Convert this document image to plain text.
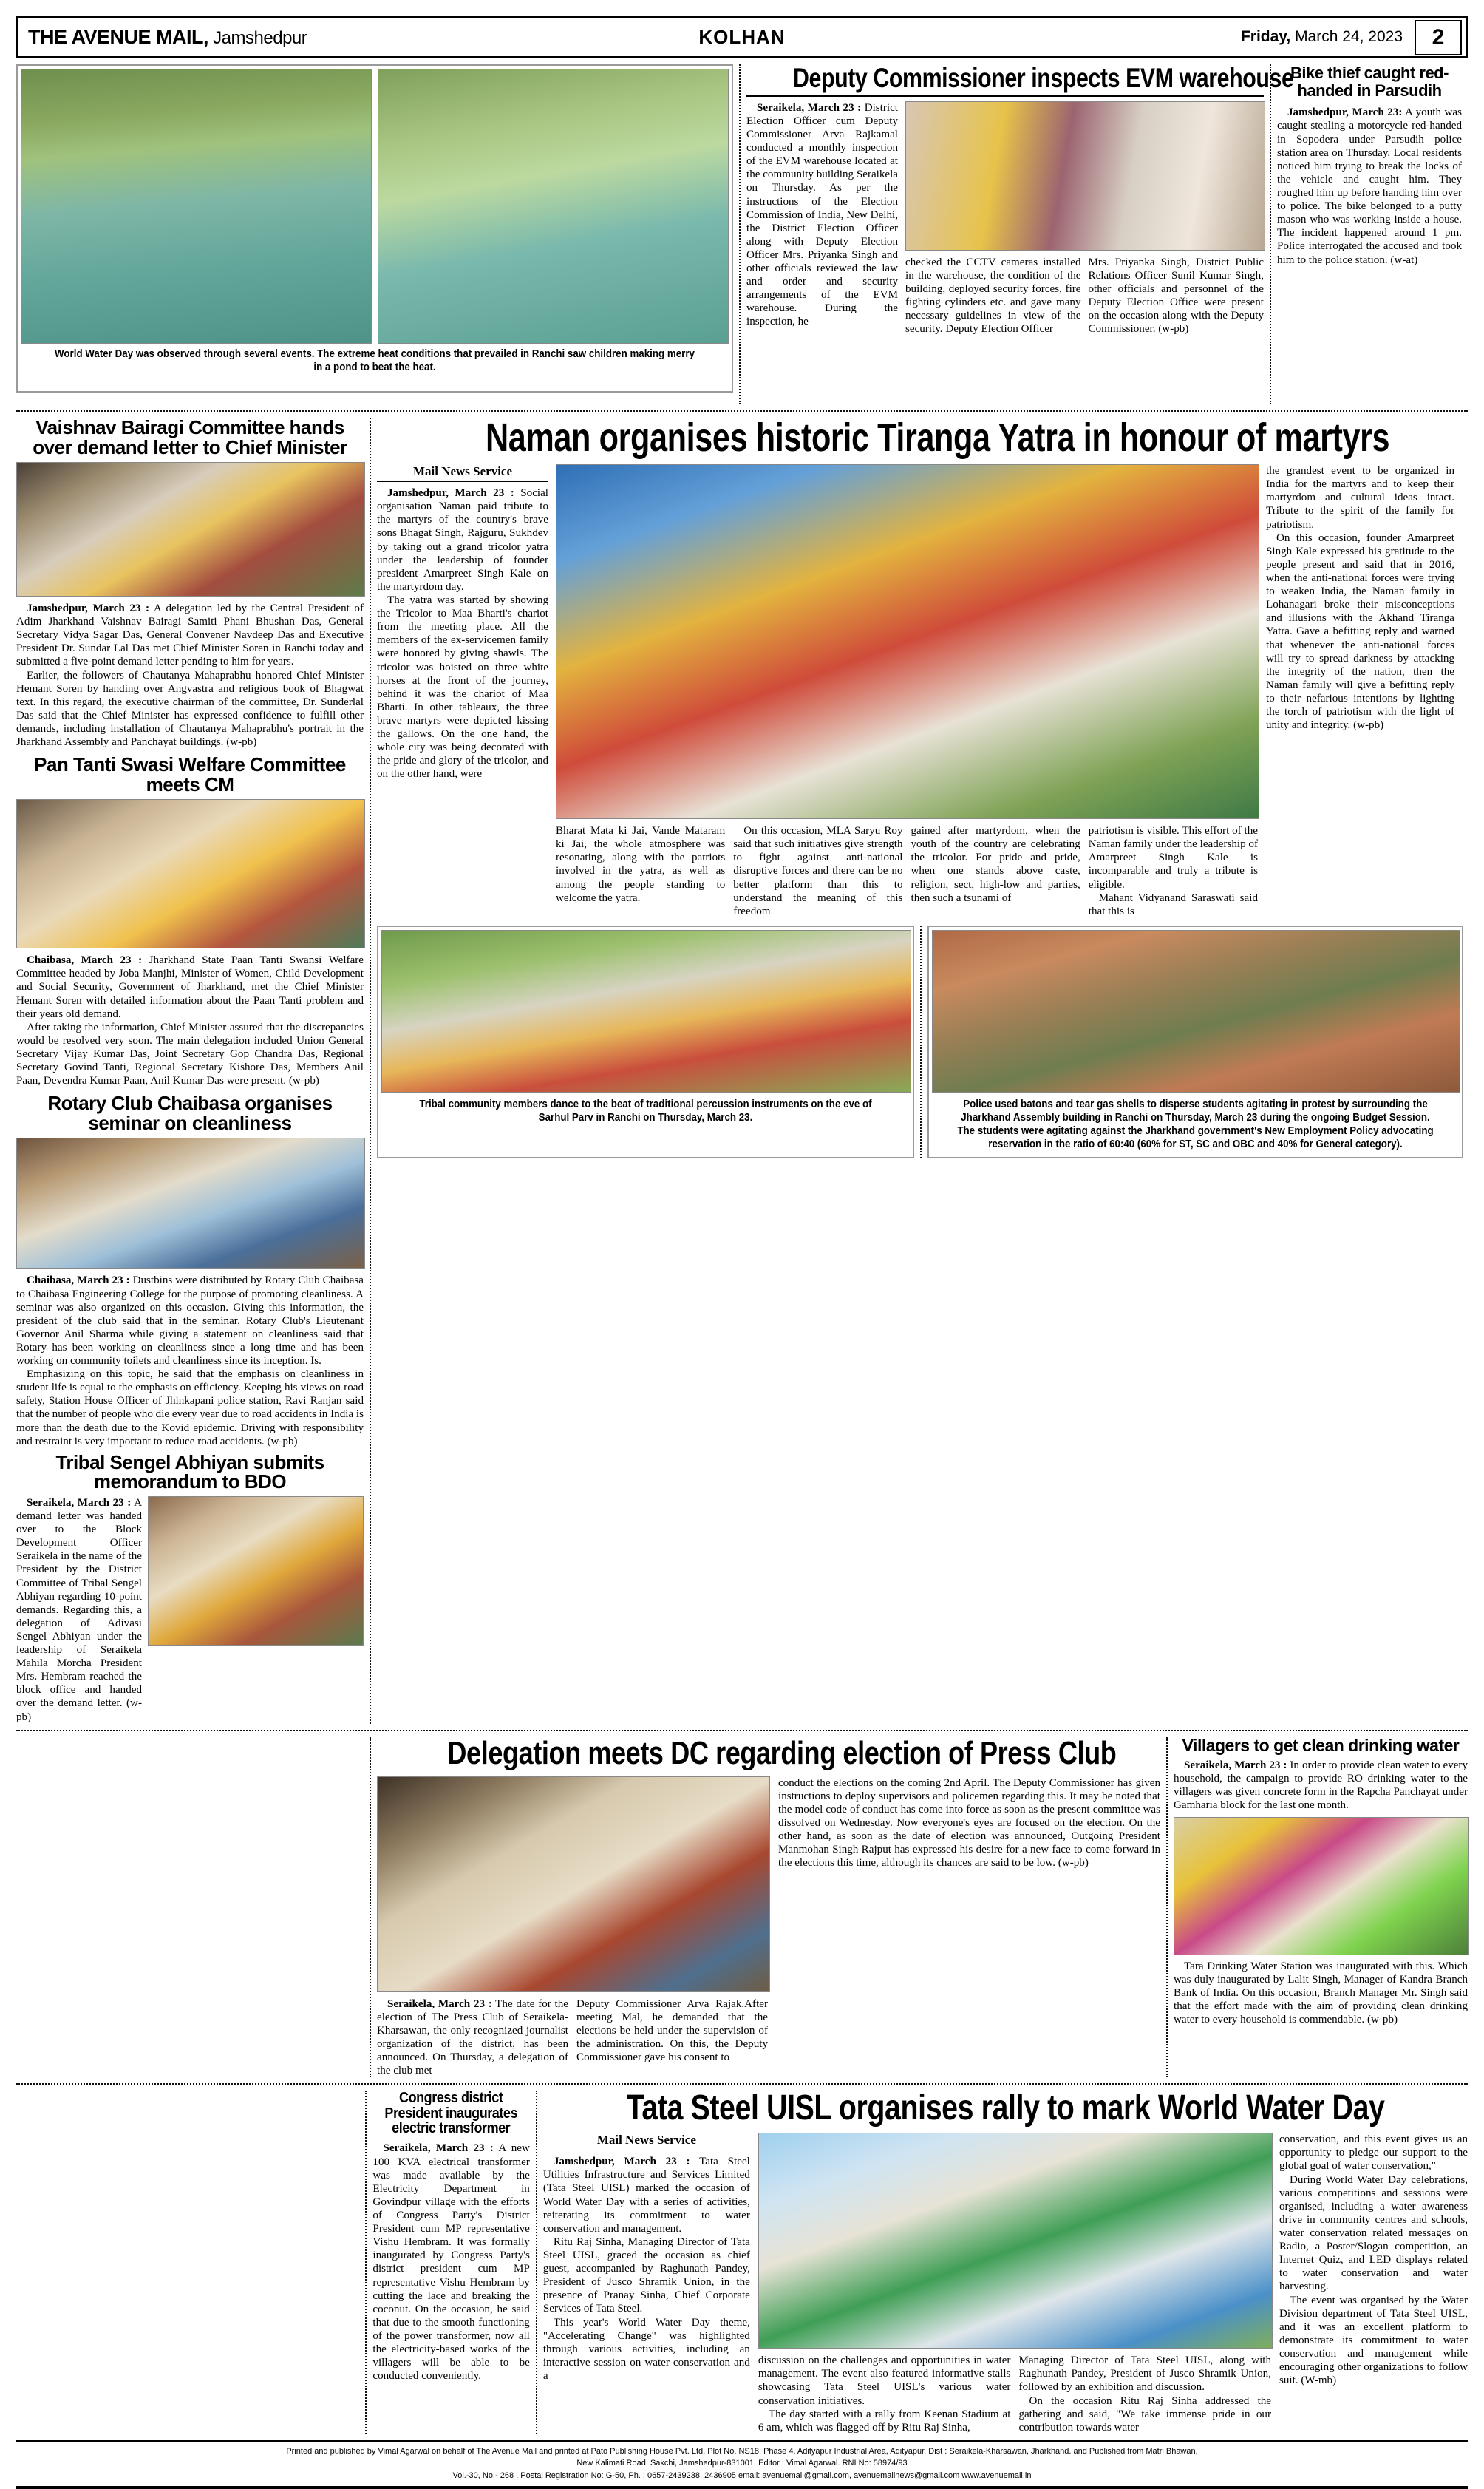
THE AVENUE MAIL, Jamshedpur	KOLHAN	Friday, March 24, 2023	2
World Water Day was observed through several events. The extreme heat conditions that prevailed in Ranchi saw children making merry in a pond to beat the heat.
Deputy Commissioner inspects EVM warehouse

Seraikela, March 23 : District Election Officer cum Deputy Commissioner Arva Rajkamal conducted a monthly inspection of the EVM warehouse located at the community building Seraikela on Thursday. As per the instructions of the Election Commission of India, New Delhi, the District Election Officer along with Deputy Election Officer Mrs. Priyanka Singh and other officials reviewed the law and order and security arrangements of the EVM warehouse. During the inspection, he

checked the CCTV cameras installed in the warehouse, the condition of the building, deployed security forces, fire fighting cylinders etc. and gave many necessary guidelines in view of the security. Deputy Election Officer

Mrs. Priyanka Singh, District Public Relations Officer Sunil Kumar Singh, other officials and personnel of the Deputy Election Office were present on the occasion along with the Deputy Commissioner. (w-pb)

Bike thief caught red-handed in Parsudih

Jamshedpur, March 23: A youth was caught stealing a motorcycle red-handed in Sopodera under Parsudih police station area on Thursday. Local residents noticed him trying to break the locks of the vehicle and caught him. They roughed him up before handing him over to police. The bike belonged to a putty mason who was working inside a house. The incident happened around 1 pm. Police interrogated the accused and took him to the police station. (w-at)

Vaishnav Bairagi Committee hands over demand letter to Chief Minister

Jamshedpur, March 23 : A delegation led by the Central President of Adim Jharkhand Vaishnav Bairagi Samiti Phani Bhushan Das, General Secretary Vidya Sagar Das, General Convener Navdeep Das and Executive President Dr. Sundar Lal Das met Chief Minister Soren in Ranchi today and submitted a five-point demand letter pending to him for years.

Earlier, the followers of Chautanya Mahaprabhu honored Chief Minister Hemant Soren by handing over Angvastra and religious book of Bhagwat text. In this regard, the executive chairman of the committee, Dr. Sunderlal Das said that the Chief Minister has expressed confidence to fulfill other demands, including installation of Chautanya Mahaprabhu's portrait in the Jharkhand Assembly and Panchayat buildings. (w-pb)

Pan Tanti Swasi Welfare Committee meets CM

Chaibasa, March 23 : Jharkhand State Paan Tanti Swansi Welfare Committee headed by Joba Manjhi, Minister of Women, Child Development and Social Security, Government of Jharkhand, met the Chief Minister Hemant Soren with detailed information about the Paan Tanti problem and their years old demand.

After taking the information, Chief Minister assured that the discrepancies would be resolved very soon. The main delegation included Union General Secretary Vijay Kumar Das, Joint Secretary Gop Chandra Das, Regional Secretary Govind Tanti, Regional Secretary Kishore Das, Members Anil Paan, Devendra Kumar Paan, Anil Kumar Das were present. (w-pb)

Rotary Club Chaibasa organises seminar on cleanliness

Chaibasa, March 23 : Dustbins were distributed by Rotary Club Chaibasa to Chaibasa Engineering College for the purpose of promoting cleanliness. A seminar was also organized on this occasion. Giving this information, the president of the club said that in the seminar, Rotary Club's Lieutenant Governor Anil Sharma while giving a statement on cleanliness said that Rotary has been working on cleanliness since a long time and has been working on community toilets and cleanliness since its inception. Is.

Emphasizing on this topic, he said that the emphasis on cleanliness in student life is equal to the emphasis on efficiency. Keeping his views on road safety, Station House Officer of Jhinkapani police station, Ravi Ranjan said that the number of people who die every year due to road accidents in India is more than the death due to the Kovid epidemic. Driving with responsibility and restraint is very important to reduce road accidents. (w-pb)

Tribal Sengel Abhiyan submits memorandum to BDO

Seraikela, March 23 : A demand letter was handed over to the Block Development Officer Seraikela in the name of the President by the District Committee of Tribal Sengel Abhiyan regarding 10-point demands. Regarding this, a delegation of Adivasi Sengel Abhiyan under the leadership of Seraikela Mahila Morcha President Mrs. Hembram reached the block office and handed over the demand letter. (w-pb)

Naman organises historic Tiranga Yatra in honour of martyrs
Mail News Service

Jamshedpur, March 23 : Social organisation Naman paid tribute to the martyrs of the country's brave sons Bhagat Singh, Rajguru, Sukhdev by taking out a grand tricolor yatra under the leadership of founder president Amarpreet Singh Kale on the martyrdom day.

The yatra was started by showing the Tricolor to Maa Bharti's chariot from the meeting place. All the members of the ex-servicemen family were honored by giving shawls. The tricolor was hoisted on three white horses at the front of the journey, behind it was the chariot of Maa Bharti. In other tableaux, the three brave martyrs were depicted kissing the gallows. On the one hand, the whole city was being decorated with the pride and glory of the tricolor, and on the other hand, were

Bharat Mata ki Jai, Vande Mataram ki Jai, the whole atmosphere was resonating, along with the patriots involved in the yatra, as well as among the people standing to welcome the yatra.

On this occasion, MLA Saryu Roy said that such initiatives give strength to fight against anti-national disruptive forces and there can be no better platform than this to understand the meaning of this freedom

gained after martyrdom, when the youth of the country are celebrating the tricolor. For pride and pride, when one stands above caste, religion, sect, high-low and parties, then such a tsunami of

patriotism is visible. This effort of the Naman family under the leadership of Amarpreet Singh Kale is incomparable and truly a tribute is eligible.

Mahant Vidyanand Saraswati said that this is

the grandest event to be organized in India for the martyrs and to keep their martyrdom and cultural ideas intact. Tribute to the spirit of the family for patriotism.

On this occasion, founder Amarpreet Singh Kale expressed his gratitude to the people present and said that in 2016, when the anti-national forces were trying to weaken India, the Naman family in Lohanagari broke their misconceptions and illusions with the Akhand Tiranga Yatra. Gave a befitting reply and warned that whenever the anti-national forces will try to spread darkness by attacking the integrity of the nation, then the Naman family will give a befitting reply to their nefarious intentions by lighting the torch of patriotism with the light of unity and integrity. (w-pb)

Tribal community members dance to the beat of traditional percussion instruments on the eve of Sarhul Parv in Ranchi on Thursday, March 23.
Police used batons and tear gas shells to disperse students agitating in protest by surrounding the Jharkhand Assembly building in Ranchi on Thursday, March 23 during the ongoing Budget Session. The students were agitating against the Jharkhand government's New Employment Policy advocating reservation in the ratio of 60:40 (60% for ST, SC and OBC and 40% for General category).
Delegation meets DC regarding election of Press Club

conduct the elections on the coming 2nd April. The Deputy Commissioner has given instructions to deploy supervisors and policemen regarding this. It may be noted that the model code of conduct has come into force as soon as the present committee was dissolved on Wednesday. Now everyone's eyes are focused on the election. On the other hand, as soon as the date of election was announced, Outgoing President Manmohan Singh Rajput has expressed his desire for a new face to come forward in the elections this time, although its chances are said to be low. (w-pb)

Seraikela, March 23 : The date for the election of The Press Club of Seraikela-Kharsawan, the only recognized journalist organization of the district, has been announced. On Thursday, a delegation of the club met

Deputy Commissioner Arva Rajak.After meeting Mal, he demanded that the elections be held under the supervision of the administration. On this, the Deputy Commissioner gave his consent to

Villagers to get clean drinking water

Seraikela, March 23 : In order to provide clean water to every household, the campaign to provide RO drinking water to the villagers was given concrete form in the Rapcha Panchayat under Gamharia block for the last one month.

Tara Drinking Water Station was inaugurated with this. Which was duly inaugurated by Lalit Singh, Manager of Kandra Branch Bank of India. On this occasion, Branch Manager Mr. Singh said that the effort made with the aim of providing clean drinking water to every household is commendable. (w-pb)

Congress district President inaugurates electric transformer

Seraikela, March 23 : A new 100 KVA electrical transformer was made available by the Electricity Department in Govindpur village with the efforts of Congress Party's District President cum MP representative Vishu Hembram. It was formally inaugurated by Congress Party's district president cum MP representative Vishu Hembram by cutting the lace and breaking the coconut. On the occasion, he said that due to the smooth functioning of the power transformer, now all the electricity-based works of the villagers will be able to be conducted conveniently.

Tata Steel UISL organises rally to mark World Water Day
Mail News Service

Jamshedpur, March 23 : Tata Steel Utilities Infrastructure and Services Limited (Tata Steel UISL) marked the occasion of World Water Day with a series of activities, reiterating its commitment to water conservation and management.

Ritu Raj Sinha, Managing Director of Tata Steel UISL, graced the occasion as chief guest, accompanied by Raghunath Pandey, President of Jusco Shramik Union, in the presence of Pranay Sinha, Chief Corporate Services of Tata Steel.

This year's World Water Day theme, "Accelerating Change" was highlighted through various activities, including an interactive session on water conservation and a

discussion on the challenges and opportunities in water management. The event also featured informative stalls showcasing Tata Steel UISL's various water conservation initiatives.

The day started with a rally from Keenan Stadium at 6 am, which was flagged off by Ritu Raj Sinha,

Managing Director of Tata Steel UISL, along with Raghunath Pandey, President of Jusco Shramik Union, followed by an exhibition and discussion.

On the occasion Ritu Raj Sinha addressed the gathering and said, "We take immense pride in our contribution towards water

conservation, and this event gives us an opportunity to pledge our support to the global goal of water conservation,"

During World Water Day celebrations, various competitions and sessions were organised, including a water awareness drive in community centres and schools, water conservation related messages on Radio, a Poster/Slogan competition, an Internet Quiz, and LED displays related to water conservation and water harvesting.

The event was organised by the Water Division department of Tata Steel UISL, and it was an excellent platform to demonstrate its commitment to water conservation and management while encouraging other organizations to follow suit. (W-mb)

Printed and published by Vimal Agarwal on behalf of The Avenue Mail and printed at Pato Publishing House Pvt. Ltd, Plot No. NS18, Phase 4, Adityapur Industrial Area, Adityapur, Dist : Seraikela-Kharsawan, Jharkhand. and Published from Matri Bhawan,
New Kalimati Road, Sakchi, Jamshedpur-831001. Editor : Vimal Agarwal. RNI No: 58974/93
Vol.-30, No.- 268 . Postal Registration No: G-50, Ph. : 0657-2439238, 2436905 email: avenuemail@gmail.com, avenuemailnews@gmail.com www.avenuemail.in
